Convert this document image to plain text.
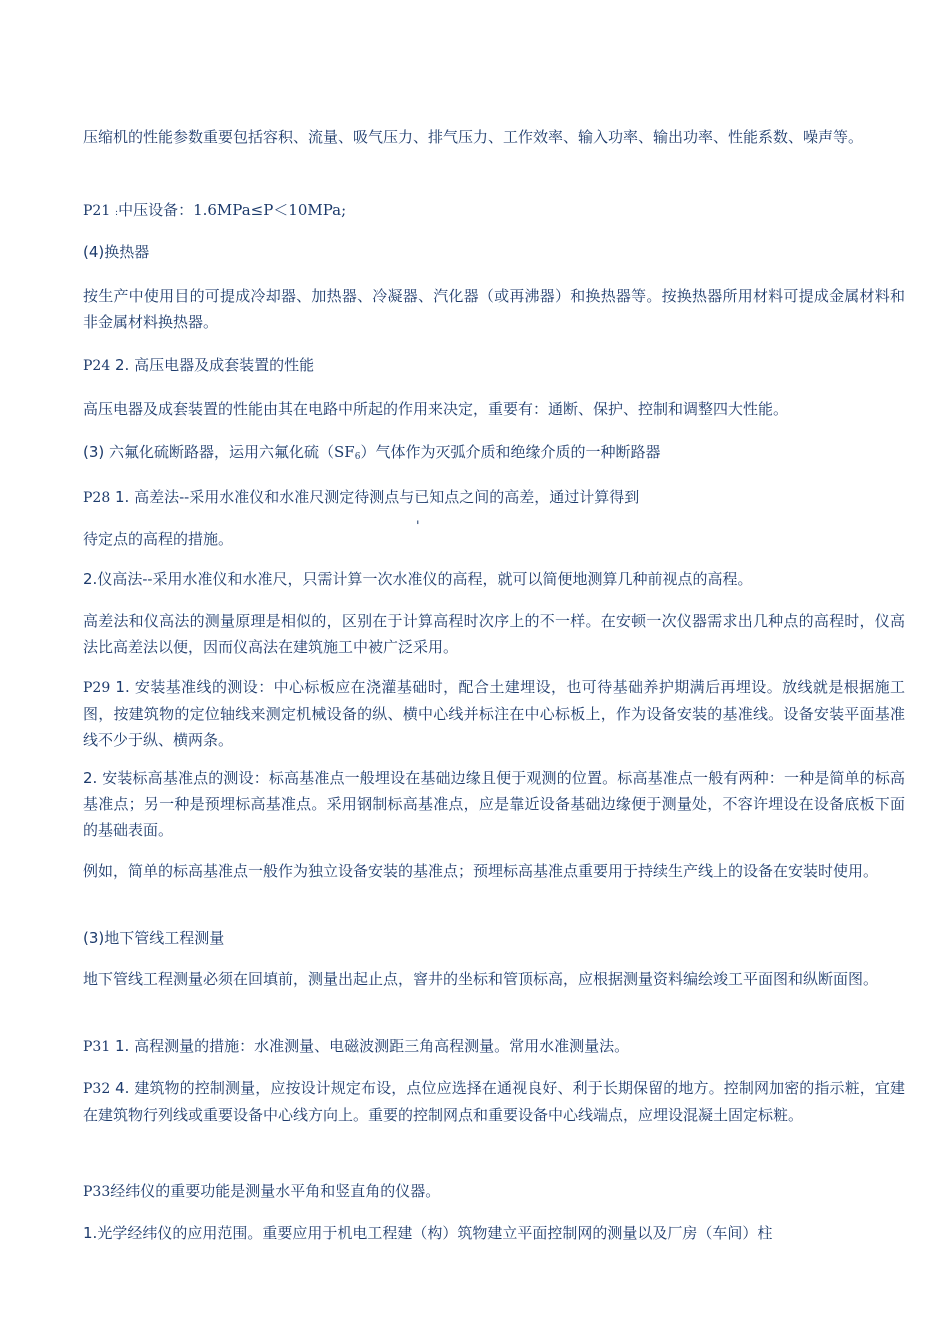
压缩机的性能参数重要包括容积、流量、吸气压力、排气压力、工作效率、输入功率、输出功率、性能系数、噪声等。

P21 :中压设备：1.6MPa≤P＜10MPa;

(4)换热器

按生产中使用目的可提成冷却器、加热器、冷凝器、汽化器（或再沸器）和换热器等。按换热器所用材料可提成金属材料和非金属材料换热器。

P24 2. 高压电器及成套装置的性能

高压电器及成套装置的性能由其在电路中所起的作用来决定，重要有：通断、保护、控制和调整四大性能。

(3) 六氟化硫断路器，运用六氟化硫$(SF_6)$气体作为灭弧介质和绝缘介质的一种断路器

P28 1. 高差法--采用水准仪和水准尺测定待测点与已知点之间的高差，通过计算得到

待定点的高程的措施。

'

2.仪高法--采用水准仪和水准尺，只需计算一次水准仪的高程，就可以简便地测算几种前视点的高程。

高差法和仪高法的测量原理是相似的，区别在于计算高程时次序上的不一样。在安顿一次仪器需求出几种点的高程时，仪高法比高差法以便，因而仪高法在建筑施工中被广泛采用。

P29 1. 安装基准线的测设：中心标板应在浇灌基础时，配合土建埋设，也可待基础养护期满后再埋设。放线就是根据施工图，按建筑物的定位轴线来测定机械设备的纵、横中心线并标注在中心标板上，作为设备安装的基准线。设备安装平面基准线不少于纵、横两条。

2. 安装标高基准点的测设：标高基准点一般埋设在基础边缘且便于观测的位置。标高基准点一般有两种：一种是简单的标高基准点；另一种是预埋标高基准点。采用钢制标高基准点，应是靠近设备基础边缘便于测量处，不容许埋设在设备底板下面的基础表面。

例如，简单的标高基准点一般作为独立设备安装的基准点；预埋标高基准点重要用于持续生产线上的设备在安装时使用。

(3)地下管线工程测量

地下管线工程测量必须在回填前，测量出起止点，窨井的坐标和管顶标高，应根据测量资料编绘竣工平面图和纵断面图。

P31 1. 高程测量的措施：水准测量、电磁波测距三角高程测量。常用水准测量法。

P32 4. 建筑物的控制测量，应按设计规定布设，点位应选择在通视良好、利于长期保留的地方。控制网加密的指示粧，宜建在建筑物行列线或重要设备中心线方向上。重要的控制网点和重要设备中心线端点，应埋设混凝土固定标粧。

P33经纬仪的重要功能是测量水平角和竖直角的仪器。

1.光学经纬仪的应用范围。重要应用于机电工程建（构）筑物建立平面控制网的测量以及厂房（车间）柱
